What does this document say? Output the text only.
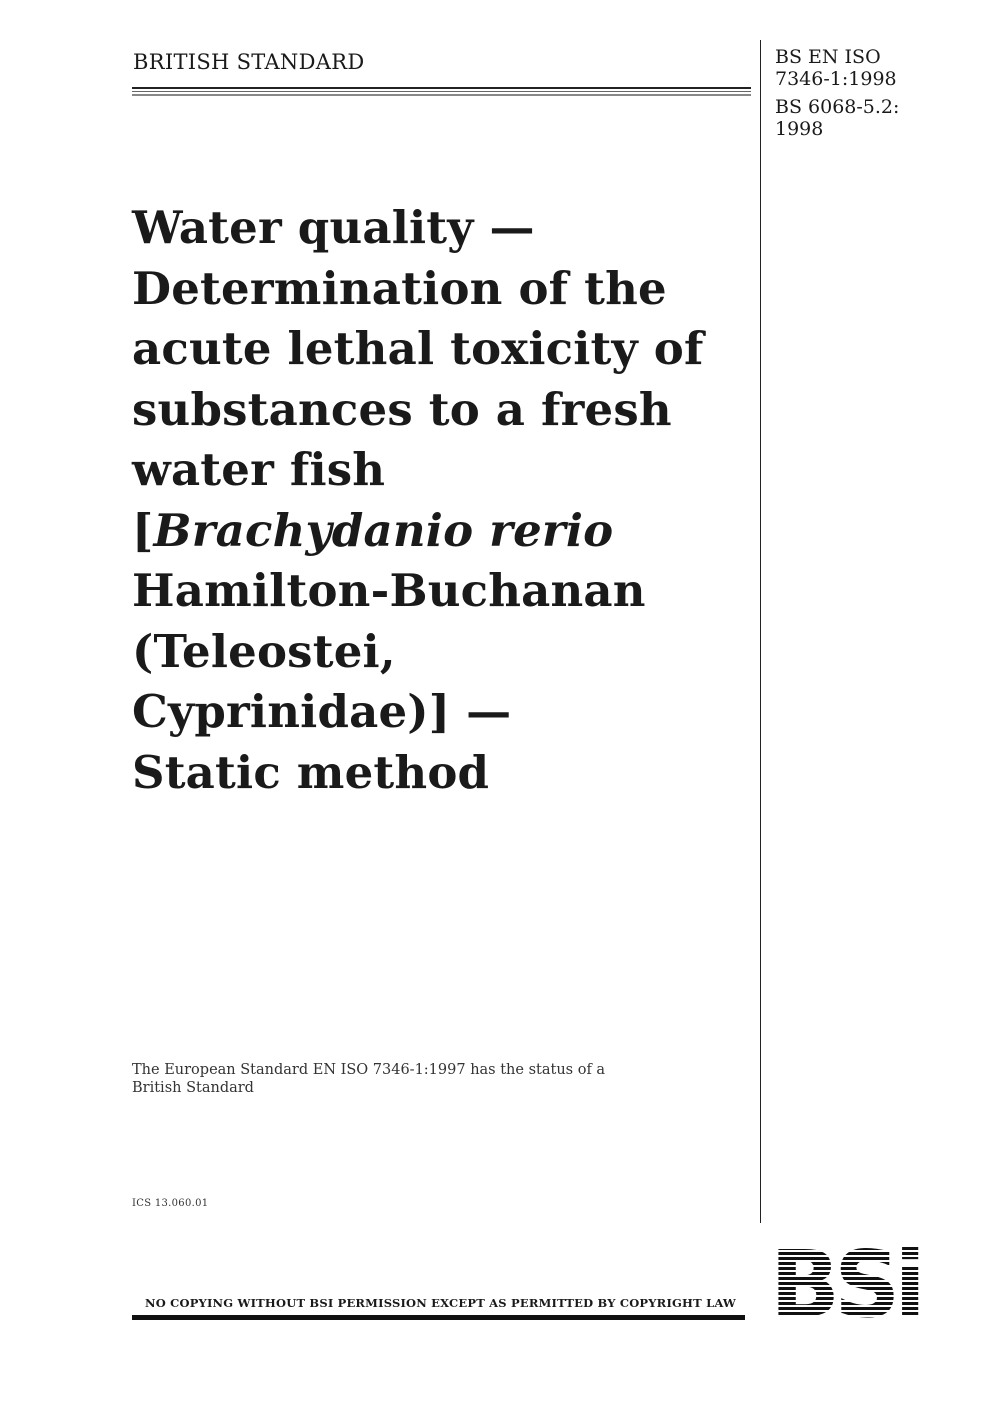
BRITISH STANDARD	BS EN ISO
7346-1:1998
BS 6068-5.2:
1998
Water quality —
Determination of the
acute lethal toxicity of
substances to a fresh
water fish
[Brachydanio rerio
Hamilton-Buchanan
(Teleostei,
Cyprinidae)] —
Static method
The European Standard EN ISO 7346-1:1997 has the status of a
British Standard
ICS 13.060.01
NO COPYING WITHOUT BSI PERMISSION EXCEPT AS PERMITTED BY COPYRIGHT LAW
